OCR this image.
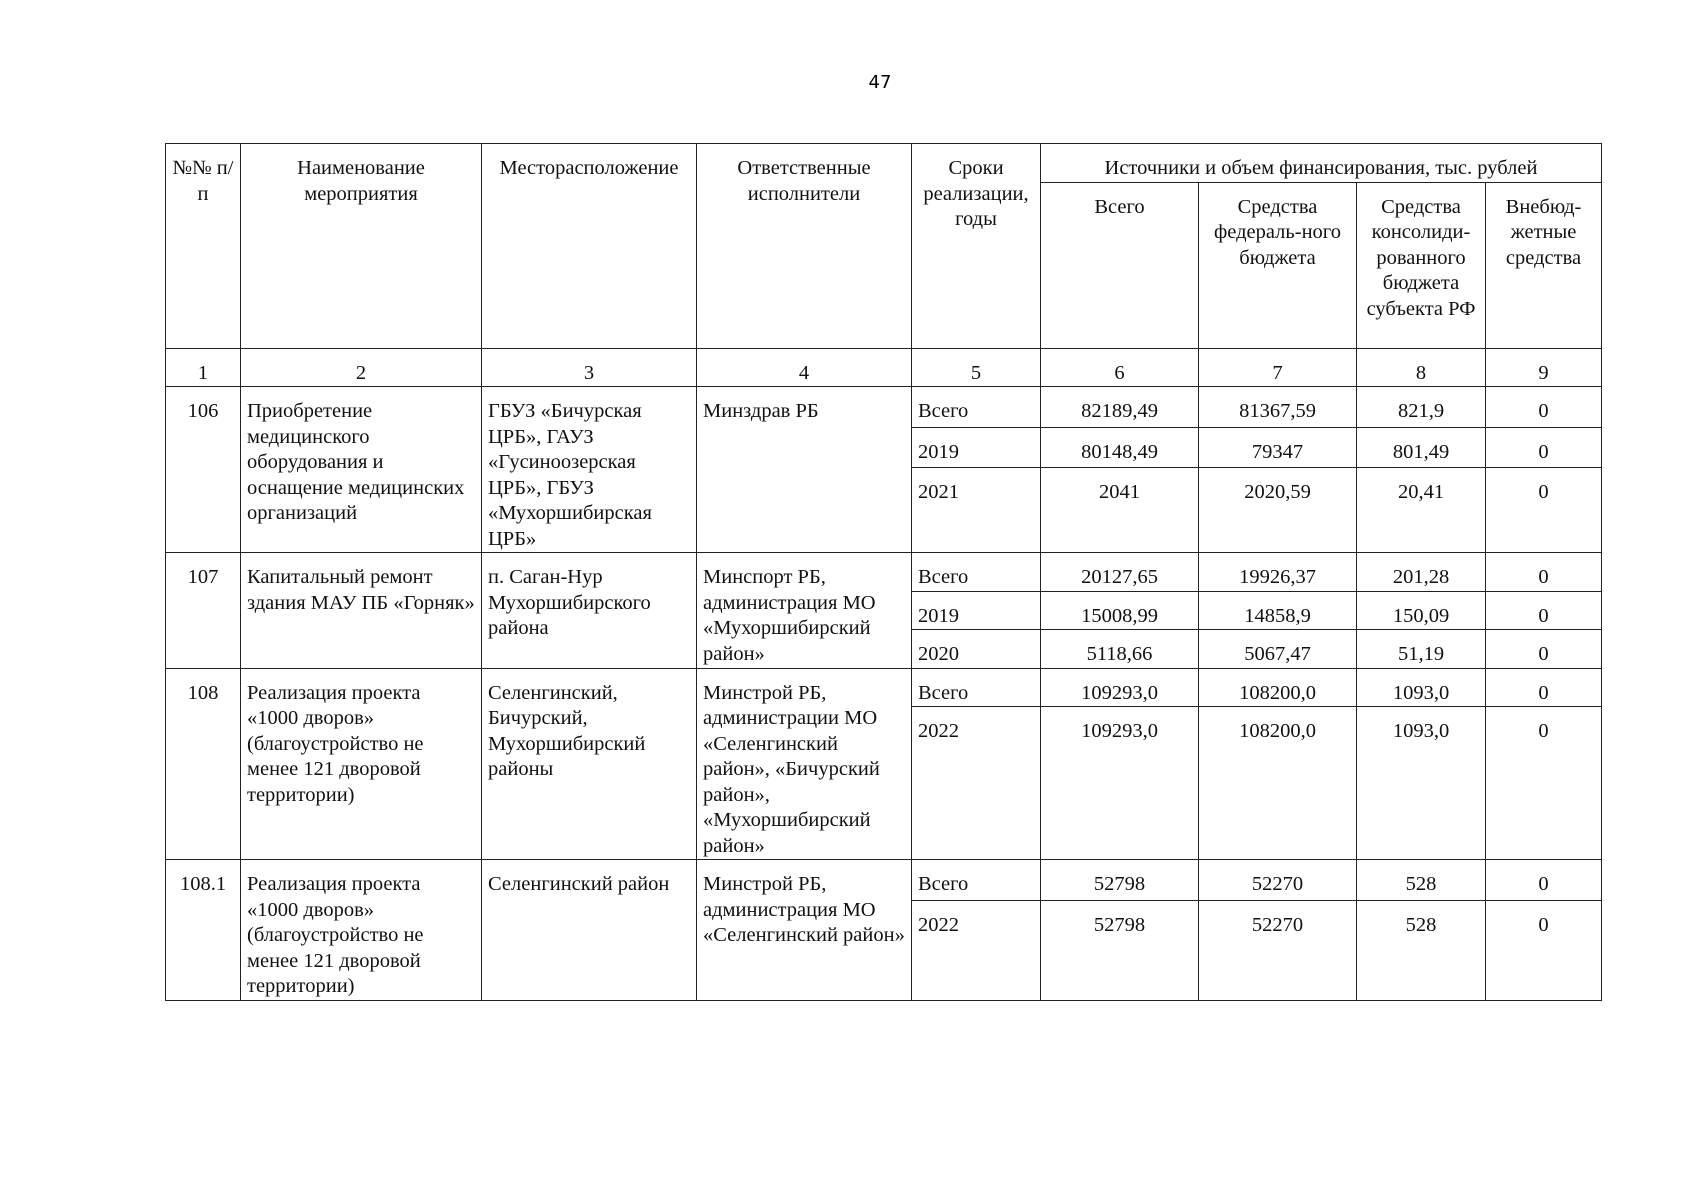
47
№№ п/п	Наименование мероприятия	Месторасположение	Ответственные исполнители	Сроки реализации, годы	Источники и объем финансирования, тыс. рублей			
					Всего	Средства федераль-ного бюджета	Средства консолиди-рованного бюджета субъекта РФ	Внебюд-жетные средства
1	2	3	4	5	6	7	8	9
106	Приобретение медицинского оборудования и оснащение медицинских организаций	ГБУЗ «Бичурская ЦРБ», ГАУЗ «Гусиноозерская ЦРБ», ГБУЗ «Мухоршибирская ЦРБ»	Минздрав РБ	Всего	82189,49	81367,59	821,9	0
				2019	80148,49	79347	801,49	0
				2021	2041	2020,59	20,41	0
107	Капитальный ремонт здания МАУ ПБ «Горняк»	п. Саган-Нур Мухоршибирского района	Минспорт РБ, администрация МО «Мухоршибирский район»	Всего	20127,65	19926,37	201,28	0
				2019	15008,99	14858,9	150,09	0
				2020	5118,66	5067,47	51,19	0
108	Реализация проекта «1000 дворов» (благоустройство не менее 121 дворовой территории)	Селенгинский, Бичурский, Мухоршибирский районы	Минстрой РБ, администрации МО «Селенгинский район», «Бичурский район», «Мухоршибирский район»	Всего	109293,0	108200,0	1093,0	0
				2022	109293,0	108200,0	1093,0	0
108.1	Реализация проекта «1000 дворов» (благоустройство не менее 121 дворовой территории)	Селенгинский район	Минстрой РБ, администрация МО «Селенгинский район»	Всего	52798	52270	528	0
				2022	52798	52270	528	0
